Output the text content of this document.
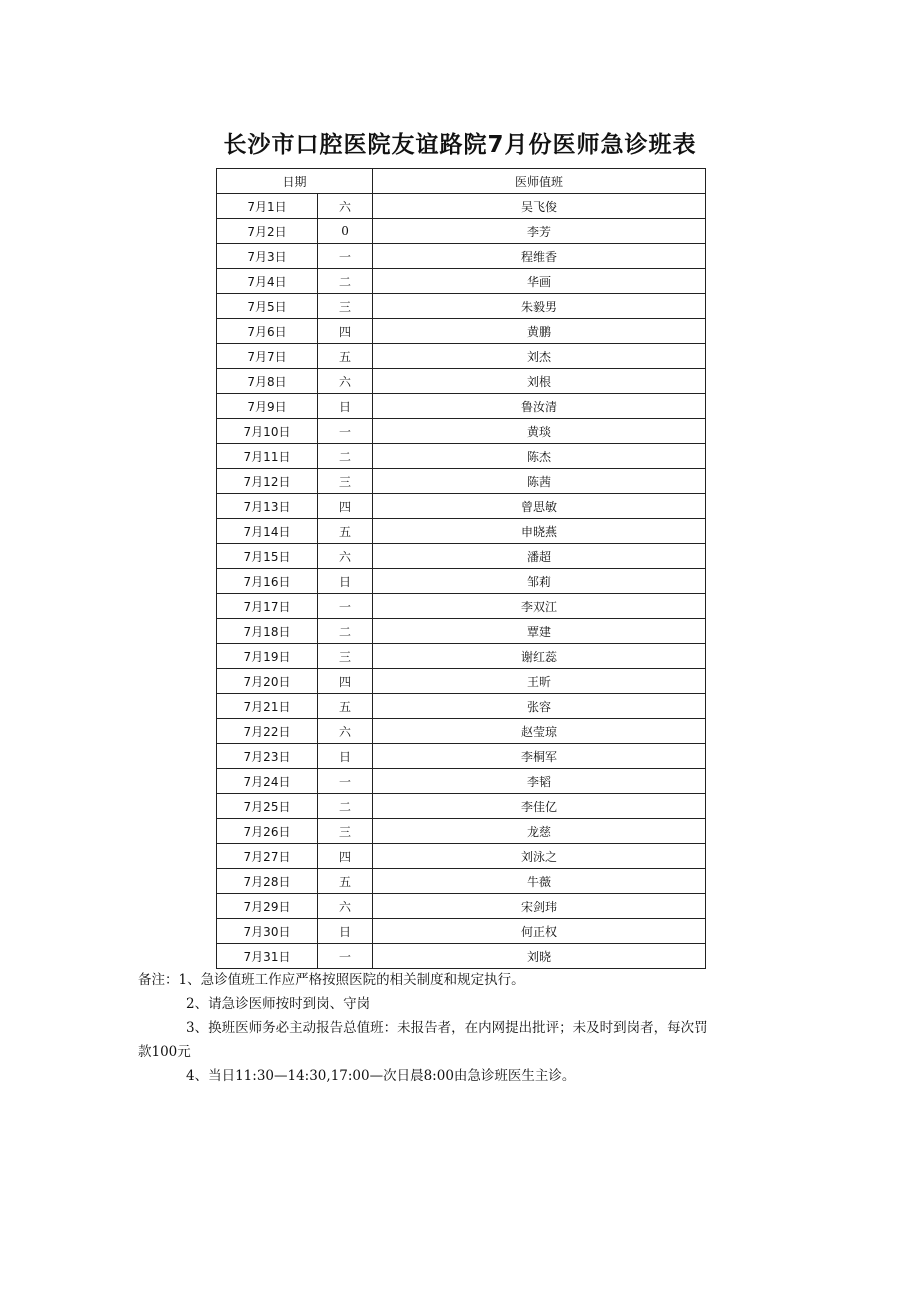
长沙市口腔医院友谊路院7月份医师急诊班表
日期		医师值班
7月1日	六	吴飞俊
7月2日	0	李芳
7月3日	一	程维香
7月4日	二	华画
7月5日	三	朱毅男
7月6日	四	黄鹏
7月7日	五	刘杰
7月8日	六	刘根
7月9日	日	鲁汝清
7月10日	一	黄琰
7月11日	二	陈杰
7月12日	三	陈茜
7月13日	四	曾思敏
7月14日	五	申晓燕
7月15日	六	潘超
7月16日	日	邹莉
7月17日	一	李双江
7月18日	二	覃建
7月19日	三	谢红蕊
7月20日	四	王昕
7月21日	五	张容
7月22日	六	赵莹琼
7月23日	日	李桐军
7月24日	一	李韬
7月25日	二	李佳亿
7月26日	三	龙慈
7月27日	四	刘泳之
7月28日	五	牛薇
7月29日	六	宋剑玮
7月30日	日	何正权
7月31日	一	刘晓

备注：1、急诊值班工作应严格按照医院的相关制度和规定执行。

2、请急诊医师按时到岗、守岗

3、换班医师务必主动报告总值班：未报告者，在内网提出批评；未及时到岗者，每次罚

款100元

4、当日11:30—14:30,17:00—次日晨8:00由急诊班医生主诊。
